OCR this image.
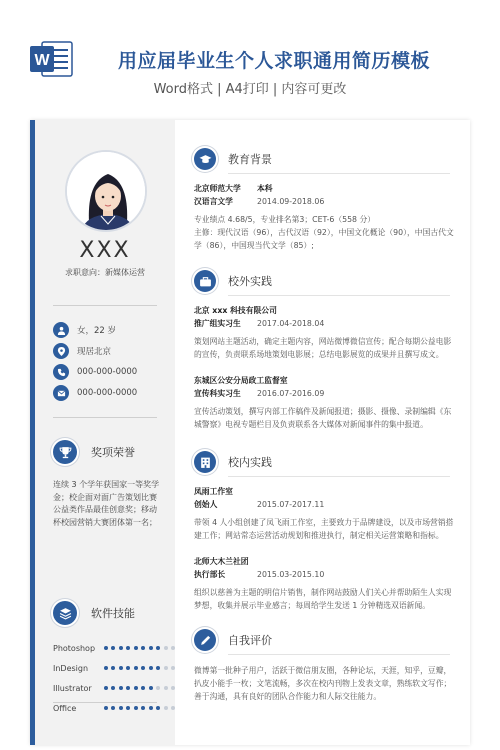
W	用应届毕业生个人求职通用简历模板
Word格式 | A4打印 | 内容可更改
XXX
求职意向：新媒体运营
女，22 岁
现居北京
000-000-0000
000-000-0000
奖项荣誉
连续 3 个学年获国家一等奖学金；校企面对面广告策划比赛公益类作品最佳创意奖；移动杯校园营销大赛团体第一名；
软件技能
Photoshop
InDesign
Illustrator
Office
教育背景
北京师范大学	本科
汉语言文学	2014.09-2018.06
专业绩点 4.68/5，专业排名第3；CET-6（558 分）
主修：现代汉语（96），古代汉语（92），中国文化概论（90），中国古代文学（86），中国现当代文学（85）;
校外实践
北京 xxx 科技有限公司
推广组实习生	2017.04-2018.04
策划网站主题活动，确定主题内容，网站微博微信宣传；配合每期公益电影的宣传，负责联系场地策划电影展；总结电影展览的成果并且撰写成文。
东城区公安分局政工监督室
宣传科实习生	2016.07-2016.09
宣传活动策划，撰写内部工作稿件及新闻报道；摄影、摄像、录制编辑《东城警察》电视专题栏目及负责联系各大媒体对新闻事件的集中报道。
校内实践
凤雨工作室
创始人	2015.07-2017.11
带领 4 人小组创建了凤飞雨工作室，主要致力于品牌建设，以及市场营销搭建工作；网站常态运营活动规划和推进执行，制定相关运营策略和指标。
北师大木兰社团
执行部长	2015.03-2015.10
组织以慈善为主题的明信片销售，制作网站鼓励人们关心并帮助陌生人实现梦想，收集并展示毕业感言；每周给学生发送 1 分钟精选双语新闻。
自我评价
微博第一批种子用户，活跃于微信朋友圈，各种论坛，天涯，知乎，豆瓣，扒皮小能手一枚；文笔流畅，多次在校内刊物上发表文章，熟练软文写作；善于沟通，具有良好的团队合作能力和人际交往能力。
